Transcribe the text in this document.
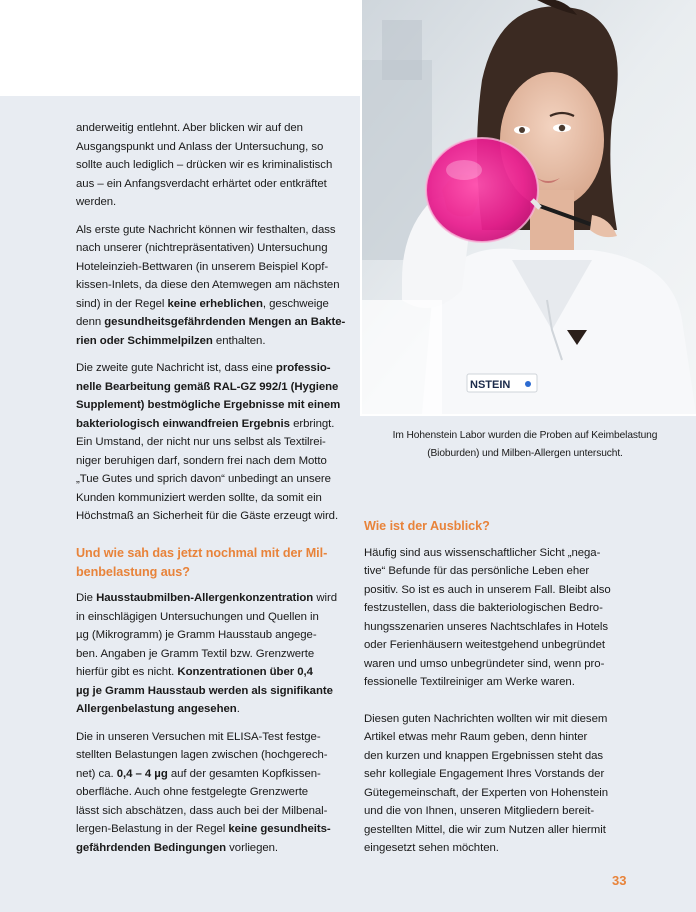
NSTEIN
Im Hohenstein Labor wurden die Proben auf Keimbelastung
(Bioburden) und Milben-Allergen untersucht.

anderweitig entlehnt. Aber blicken wir auf den
Ausgangspunkt und Anlass der Untersuchung, so
sollte auch lediglich – drücken wir es kriminalistisch
aus – ein Anfangsverdacht erhärtet oder entkräftet
werden.

Als erste gute Nachricht können wir festhalten, dass
nach unserer (nichtrepräsentativen) Untersuchung
Hoteleinzieh-Bettwaren (in unserem Beispiel Kopf-
kissen-Inlets, da diese den Atemwegen am nächsten
sind) in der Regel keine erheblichen, geschweige
denn gesundheitsgefährdenden Mengen an Bakte-
rien oder Schimmelpilzen enthalten.

Die zweite gute Nachricht ist, dass eine professio-
nelle Bearbeitung gemäß RAL-GZ 992/1 (Hygiene
Supplement) bestmögliche Ergebnisse mit einem
bakteriologisch einwandfreien Ergebnis erbringt.
Ein Umstand, der nicht nur uns selbst als Textilrei-
niger beruhigen darf, sondern frei nach dem Motto
„Tue Gutes und sprich davon“ unbedingt an unsere
Kunden kommuniziert werden sollte, da somit ein
Höchstmaß an Sicherheit für die Gäste erzeugt wird.

Und wie sah das jetzt nochmal mit der Mil-
benbelastung aus?

Die Hausstaubmilben-Allergenkonzentration wird
in einschlägigen Untersuchungen und Quellen in
µg (Mikrogramm) je Gramm Hausstaub angege-
ben. Angaben je Gramm Textil bzw. Grenzwerte
hierfür gibt es nicht. Konzentrationen über 0,4
µg je Gramm Hausstaub werden als signifikante
Allergenbelastung angesehen.

Die in unseren Versuchen mit ELISA-Test festge-
stellten Belastungen lagen zwischen (hochgerech-
net) ca. 0,4 – 4 µg auf der gesamten Kopfkissen-
oberfläche. Auch ohne festgelegte Grenzwerte
lässt sich abschätzen, dass auch bei der Milbenal-
lergen-Belastung in der Regel keine gesundheits-
gefährdenden Bedingungen vorliegen.

Wie ist der Ausblick?

Häufig sind aus wissenschaftlicher Sicht „nega-
tive“ Befunde für das persönliche Leben eher
positiv. So ist es auch in unserem Fall. Bleibt also
festzustellen, dass die bakteriologischen Bedro-
hungsszenarien unseres Nachtschlafes in Hotels
oder Ferienhäusern weitestgehend unbegründet
waren und umso unbegründeter sind, wenn pro-
fessionelle Textilreiniger am Werke waren.

Diesen guten Nachrichten wollten wir mit diesem
Artikel etwas mehr Raum geben, denn hinter
den kurzen und knappen Ergebnissen steht das
sehr kollegiale Engagement Ihres Vorstands der
Gütegemeinschaft, der Experten von Hohenstein
und die von Ihnen, unseren Mitgliedern bereit-
gestellten Mittel, die wir zum Nutzen aller hiermit
eingesetzt sehen möchten.

33
